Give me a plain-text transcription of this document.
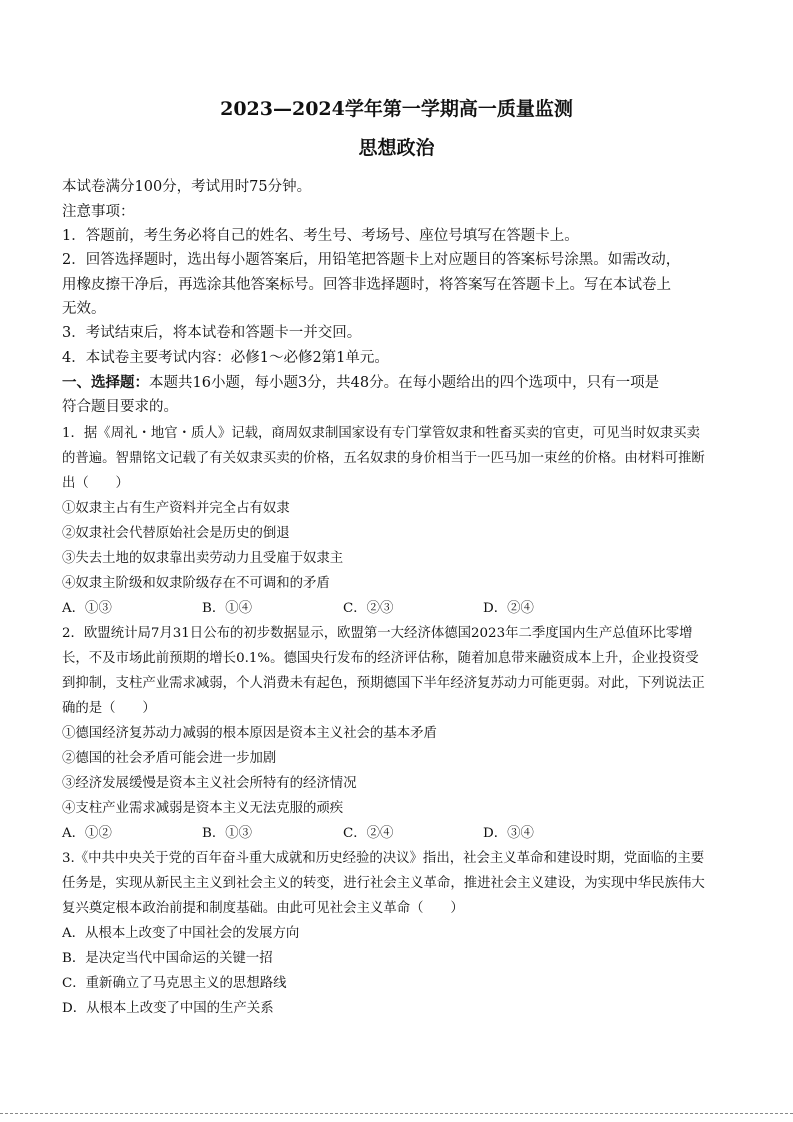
2023—2024学年第一学期高一质量监测
思想政治
本试卷满分100分，考试用时75分钟。
注意事项：
1．答题前，考生务必将自己的姓名、考生号、考场号、座位号填写在答题卡上。
2．回答选择题时，选出每小题答案后，用铅笔把答题卡上对应题目的答案标号涂黑。如需改动，
用橡皮擦干净后，再选涂其他答案标号。回答非选择题时，将答案写在答题卡上。写在本试卷上
无效。
3．考试结束后，将本试卷和答题卡一并交回。
4．本试卷主要考试内容：必修1～必修2第1单元。
一、选择题：本题共16小题，每小题3分，共48分。在每小题给出的四个选项中，只有一项是
符合题目要求的。
1．据《周礼・地官・质人》记载，商周奴隶制国家设有专门掌管奴隶和牲畜买卖的官吏，可见当时奴隶买卖
的普遍。智鼎铭文记载了有关奴隶买卖的价格，五名奴隶的身价相当于一匹马加一束丝的价格。由材料可推断
出（　　）
①奴隶主占有生产资料并完全占有奴隶
②奴隶社会代替原始社会是历史的倒退
③失去土地的奴隶靠出卖劳动力且受雇于奴隶主
④奴隶主阶级和奴隶阶级存在不可调和的矛盾
A．①③	B．①④	C．②③	D．②④
2．欧盟统计局7月31日公布的初步数据显示，欧盟第一大经济体德国2023年二季度国内生产总值环比零增
长，不及市场此前预期的增长0.1%。德国央行发布的经济评估称，随着加息带来融资成本上升，企业投资受
到抑制，支柱产业需求减弱，个人消费未有起色，预期德国下半年经济复苏动力可能更弱。对此，下列说法正
确的是（　　）
①德国经济复苏动力减弱的根本原因是资本主义社会的基本矛盾
②德国的社会矛盾可能会进一步加剧
③经济发展缓慢是资本主义社会所特有的经济情况
④支柱产业需求减弱是资本主义无法克服的顽疾
A．①②	B．①③	C．②④	D．③④
3.《中共中央关于党的百年奋斗重大成就和历史经验的决议》指出，社会主义革命和建设时期，党面临的主要
任务是，实现从新民主主义到社会主义的转变，进行社会主义革命，推进社会主义建设，为实现中华民族伟大
复兴奠定根本政治前提和制度基础。由此可见社会主义革命（　　）
A．从根本上改变了中国社会的发展方向
B．是决定当代中国命运的关键一招
C．重新确立了马克思主义的思想路线
D．从根本上改变了中国的生产关系
